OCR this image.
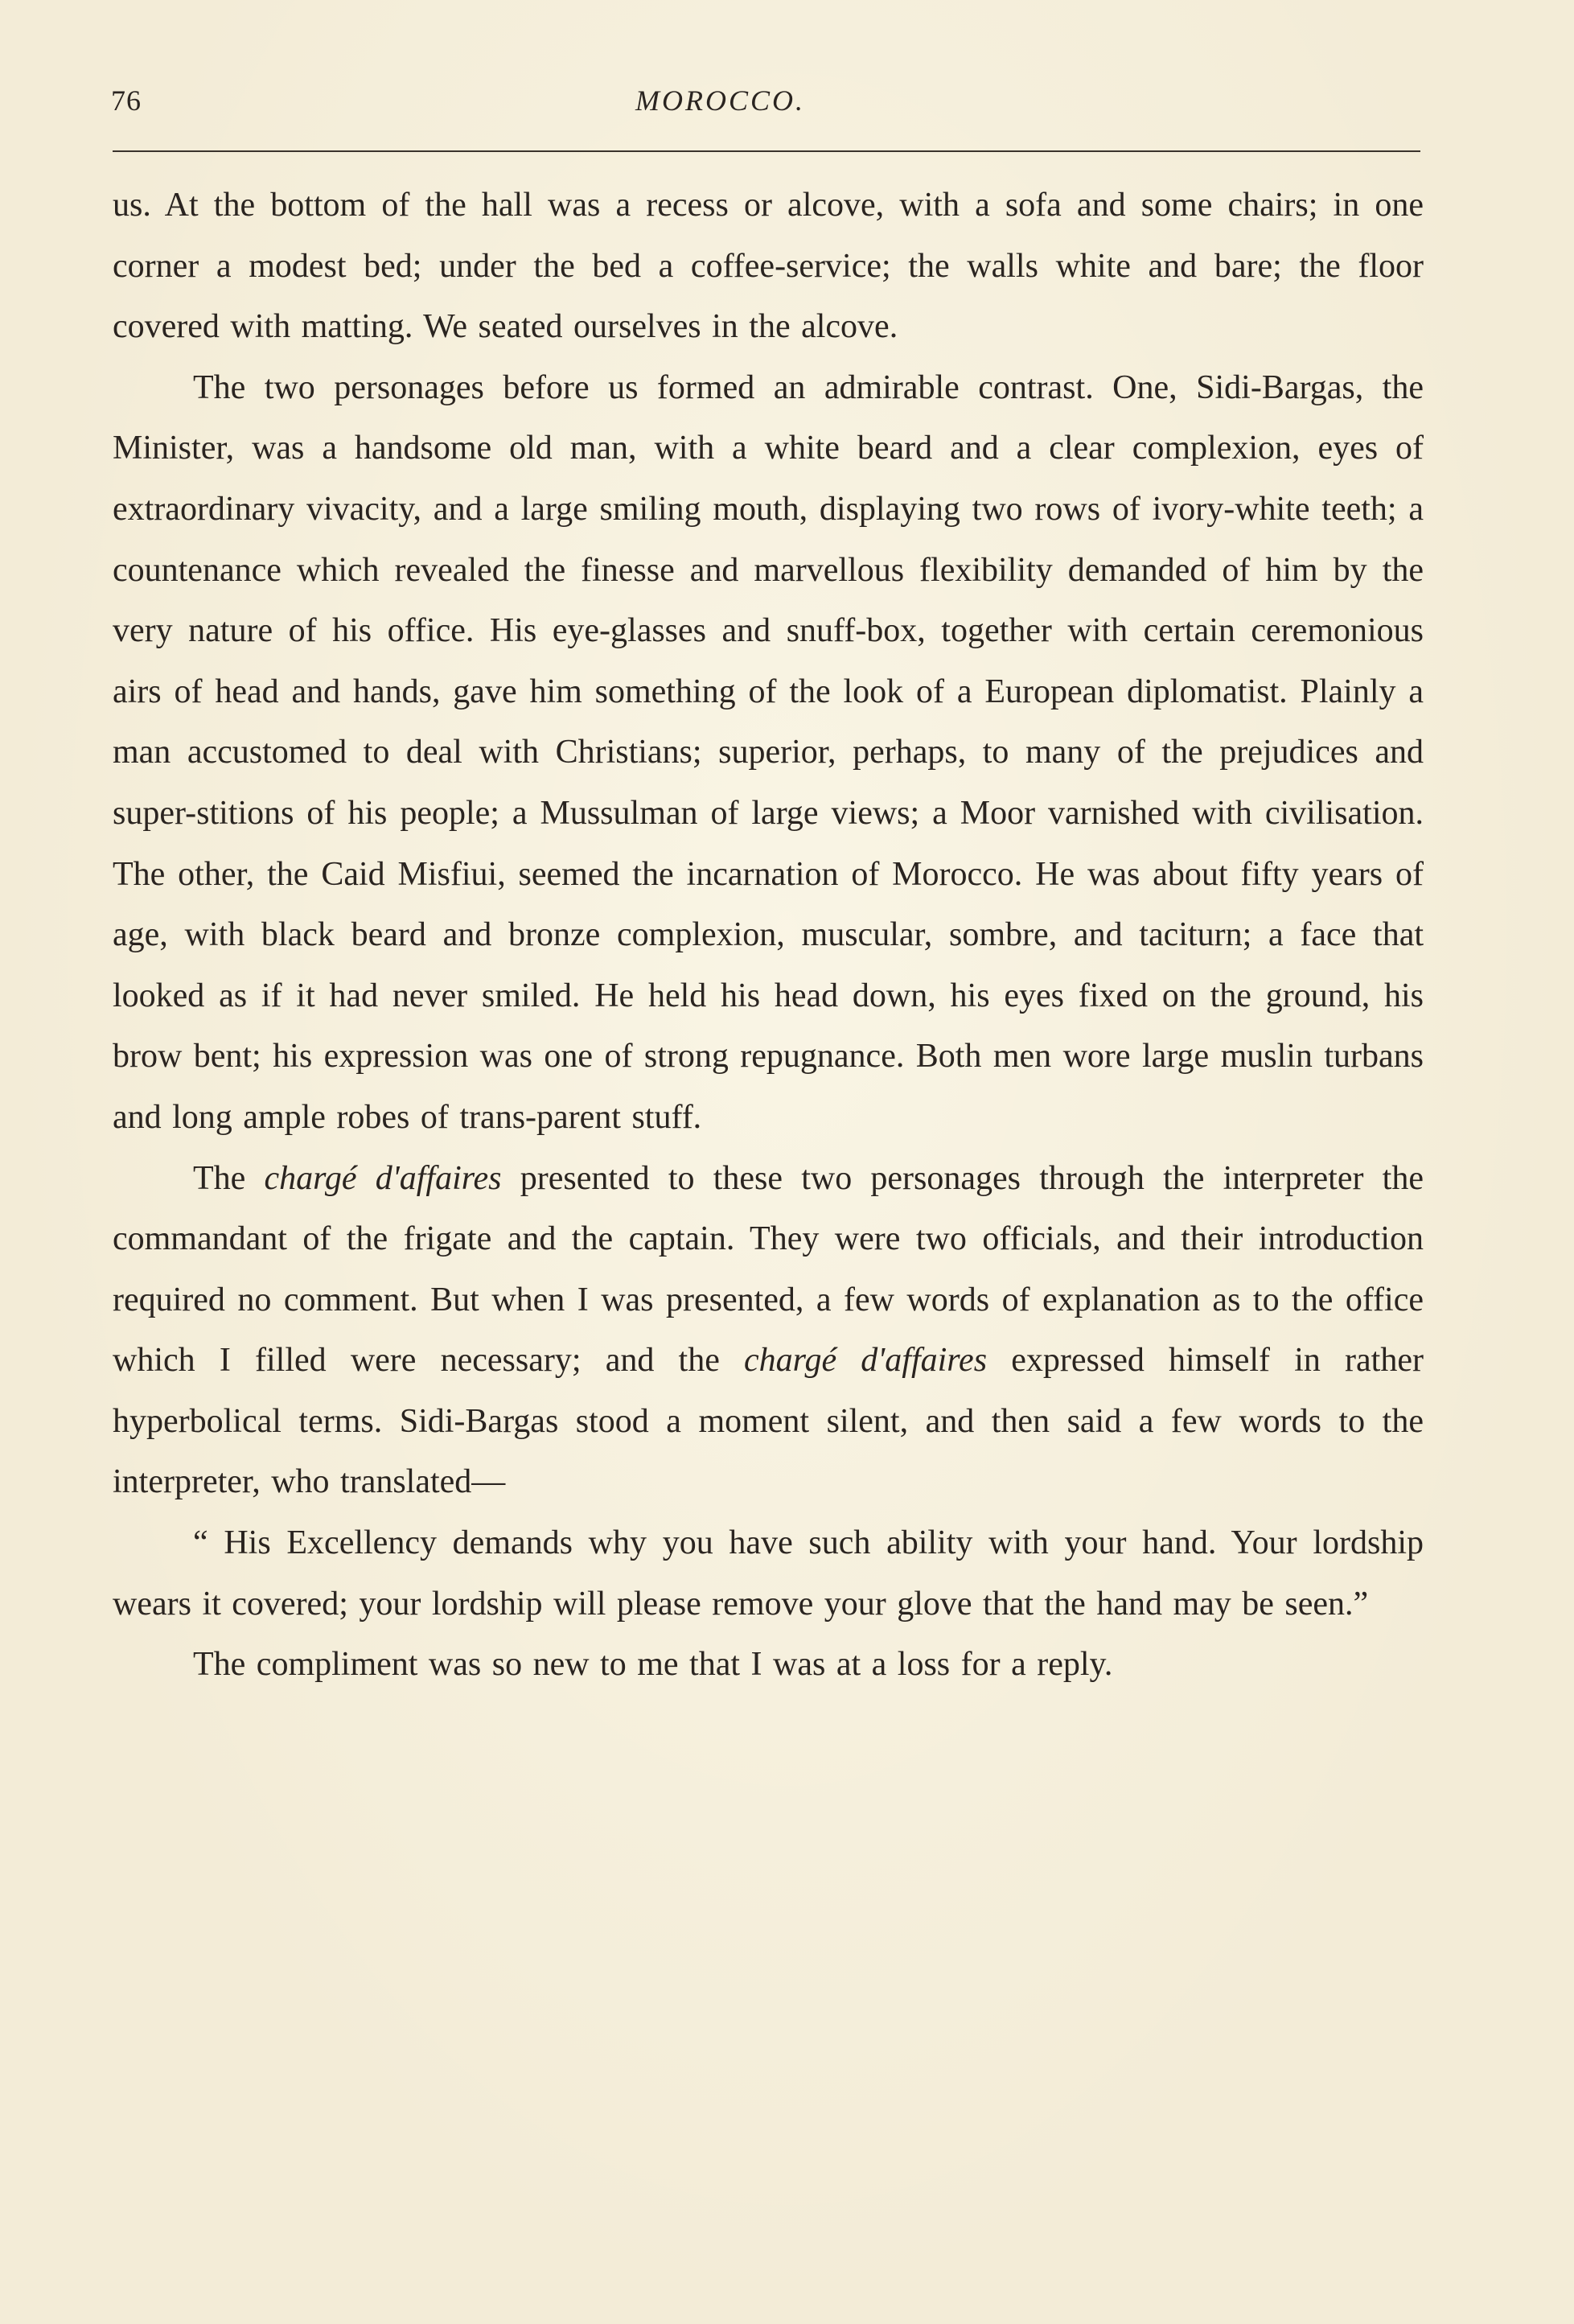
76	MOROCCO.

us. At the bottom of the hall was a recess or alcove, with a sofa and some chairs; in one corner a modest bed; under the bed a coffee-service; the walls white and bare; the floor covered with matting. We seated ourselves in the alcove.

The two personages before us formed an admirable contrast. One, Sidi-Bargas, the Minister, was a handsome old man, with a white beard and a clear complexion, eyes of extraordinary vivacity, and a large smiling mouth, displaying two rows of ivory-white teeth; a countenance which revealed the finesse and marvellous flexibility demanded of him by the very nature of his office. His eye-glasses and snuff-box, together with certain ceremonious airs of head and hands, gave him something of the look of a European diplomatist. Plainly a man accustomed to deal with Christians; superior, perhaps, to many of the prejudices and super-stitions of his people; a Mussulman of large views; a Moor varnished with civilisation. The other, the Caid Misfiui, seemed the incarnation of Morocco. He was about fifty years of age, with black beard and bronze complexion, muscular, sombre, and taciturn; a face that looked as if it had never smiled. He held his head down, his eyes fixed on the ground, his brow bent; his expression was one of strong repugnance. Both men wore large muslin turbans and long ample robes of trans-parent stuff.

The chargé d'affaires presented to these two personages through the interpreter the commandant of the frigate and the captain. They were two officials, and their introduction required no comment. But when I was presented, a few words of explanation as to the office which I filled were necessary; and the chargé d'affaires expressed himself in rather hyperbolical terms. Sidi-Bargas stood a moment silent, and then said a few words to the interpreter, who translated—

“ His Excellency demands why you have such ability with your hand. Your lordship wears it covered; your lordship will please remove your glove that the hand may be seen.”

The compliment was so new to me that I was at a loss for a reply.
